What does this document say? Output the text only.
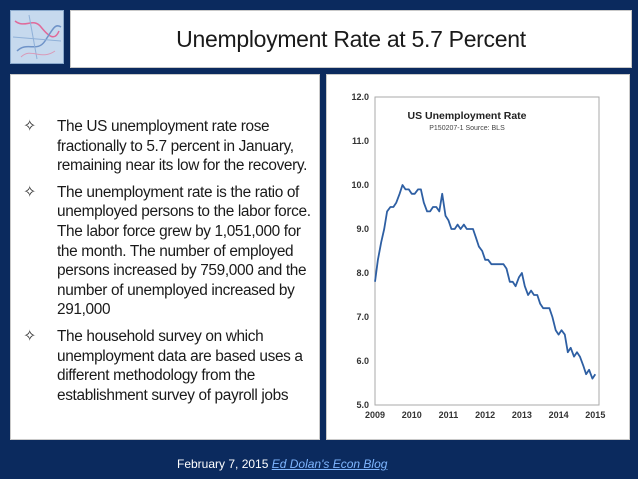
Unemployment Rate at 5.7 Percent
✧ The US unemployment rate rose fractionally to 5.7 percent in January, remaining near its low for the recovery.
✧ The unemployment rate is the ratio of unemployed persons to the labor force. The labor force grew by 1,051,000 for the month. The number of employed persons increased by 759,000 and the number of unemployed increased by 291,000
✧ The household survey on which unemployment data are based uses a different methodology from the establishment survey of payroll jobs
US Unemployment Rate
P150207-1 Source: BLS
5.0
6.0
7.0
8.0
9.0
10.0
11.0
12.0
2009 2010 2011 2012 2013 2014 2015
February 7, 2015 Ed Dolan's Econ Blog
